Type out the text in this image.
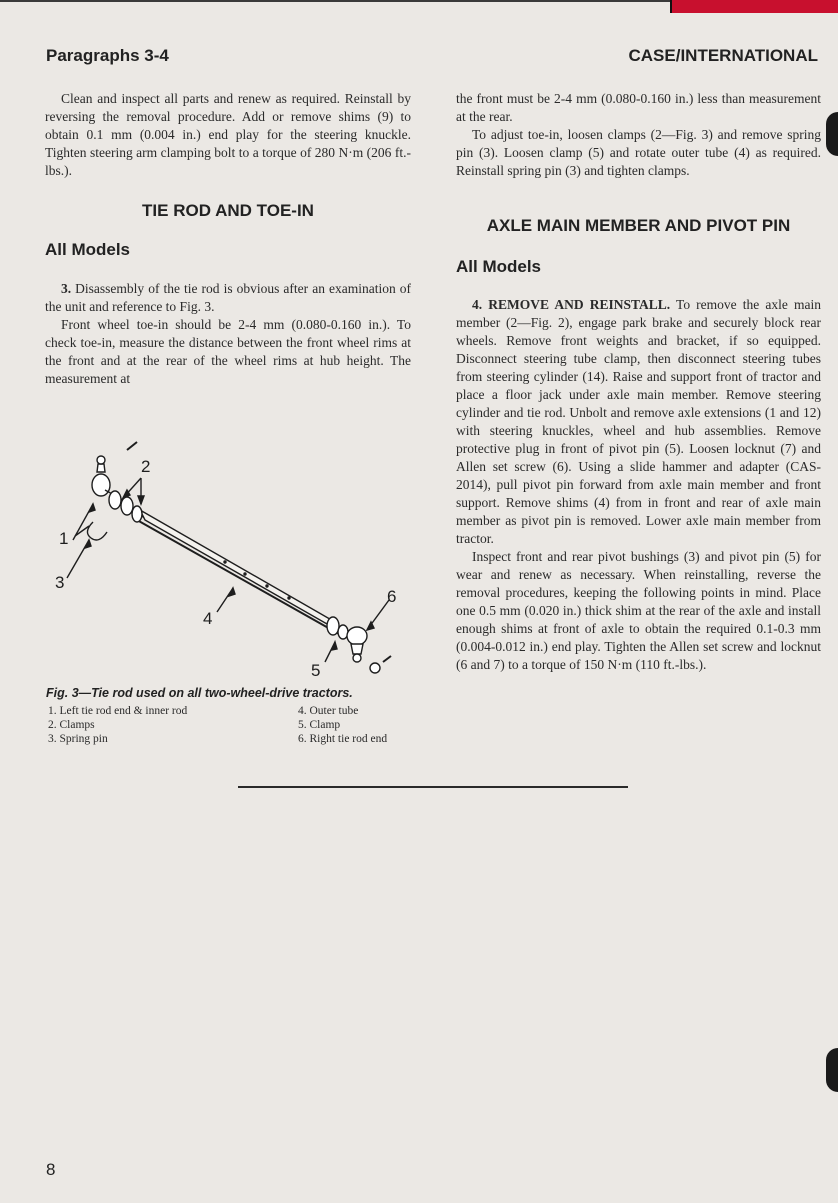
Paragraphs 3-4	CASE/INTERNATIONAL

Clean and inspect all parts and renew as required. Reinstall by reversing the removal procedure. Add or remove shims (9) to obtain 0.1 mm (0.004 in.) end play for the steering knuckle. Tighten steering arm clamping bolt to a torque of 280 N·m (206 ft.-lbs.).

TIE ROD AND TOE-IN
All Models

3. Disassembly of the tie rod is obvious after an examination of the unit and reference to Fig. 3.

Front wheel toe-in should be 2-4 mm (0.080-0.160 in.). To check toe-in, measure the distance between the front wheel rims at the front and at the rear of the wheel rims at hub height. The measurement at

1
2
3
4
5
6
Fig. 3—Tie rod used on all two-wheel-drive tractors.
1. Left tie rod end & inner rod
2. Clamps
3. Spring pin
4. Outer tube
5. Clamp
6. Right tie rod end

the front must be 2-4 mm (0.080-0.160 in.) less than measurement at the rear.

To adjust toe-in, loosen clamps (2—Fig. 3) and remove spring pin (3). Loosen clamp (5) and rotate outer tube (4) as required. Reinstall spring pin (3) and tighten clamps.

AXLE MAIN MEMBER AND PIVOT PIN
All Models

4. REMOVE AND REINSTALL. To remove the axle main member (2—Fig. 2), engage park brake and securely block rear wheels. Remove front weights and bracket, if so equipped. Disconnect steering tube clamp, then disconnect steering tubes from steering cylinder (14). Raise and support front of tractor and place a floor jack under axle main member. Remove steering cylinder and tie rod. Unbolt and remove axle extensions (1 and 12) with steering knuckles, wheel and hub assemblies. Remove protective plug in front of pivot pin (5). Loosen locknut (7) and Allen set screw (6). Using a slide hammer and adapter (CAS-2014), pull pivot pin forward from axle main member and front support. Remove shims (4) from in front and rear of axle main member as pivot pin is removed. Lower axle main member from tractor.

Inspect front and rear pivot bushings (3) and pivot pin (5) for wear and renew as necessary. When reinstalling, reverse the removal procedures, keeping the following points in mind. Place one 0.5 mm (0.020 in.) thick shim at the rear of the axle and install enough shims at front of axle to obtain the required 0.1-0.3 mm (0.004-0.012 in.) end play. Tighten the Allen set screw and locknut (6 and 7) to a torque of 150 N·m (110 ft.-lbs.).

8
